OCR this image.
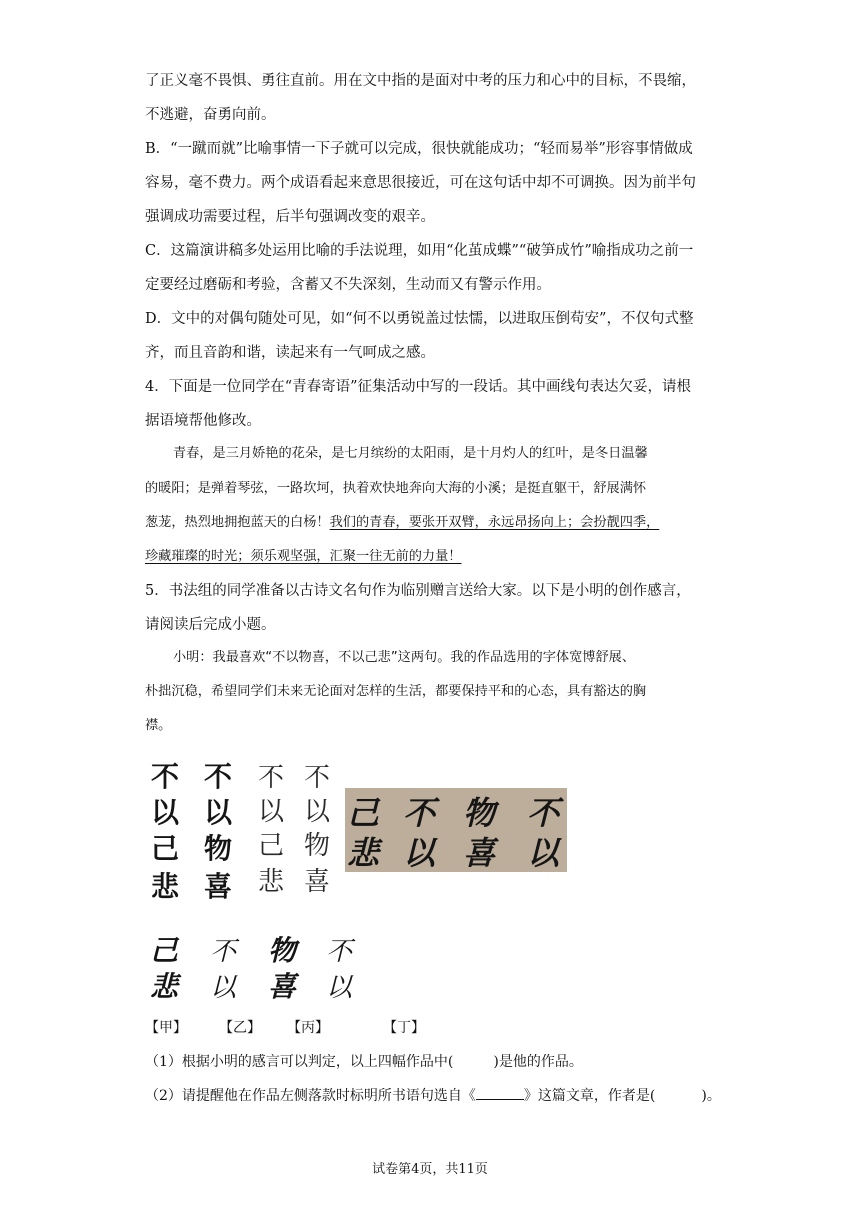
了正义毫不畏惧、勇往直前。用在文中指的是面对中考的压力和心中的目标，不畏缩，
不逃避，奋勇向前。
B．“一蹴而就”比喻事情一下子就可以完成，很快就能成功；“轻而易举”形容事情做成
容易，毫不费力。两个成语看起来意思很接近，可在这句话中却不可调换。因为前半句
强调成功需要过程，后半句强调改变的艰辛。
C．这篇演讲稿多处运用比喻的手法说理，如用“化茧成蝶”“破笋成竹”喻指成功之前一
定要经过磨砺和考验，含蓄又不失深刻，生动而又有警示作用。
D．文中的对偶句随处可见，如“何不以勇锐盖过怯懦，以进取压倒苟安”，不仅句式整
齐，而且音韵和谐，读起来有一气呵成之感。
4．下面是一位同学在“青春寄语”征集活动中写的一段话。其中画线句表达欠妥，请根
据语境帮他修改。
青春，是三月娇艳的花朵，是七月缤纷的太阳雨，是十月灼人的红叶，是冬日温馨
的暖阳；是弹着琴弦，一路坎坷，执着欢快地奔向大海的小溪；是挺直躯干，舒展满怀
葱茏，热烈地拥抱蓝天的白杨！我们的青春，要张开双臂，永远昂扬向上；会扮靓四季，
珍藏璀璨的时光；须乐观坚强，汇聚一往无前的力量！
5．书法组的同学准备以古诗文名句作为临别赠言送给大家。以下是小明的创作感言，
请阅读后完成小题。
小明：我最喜欢“不以物喜，不以己悲”这两句。我的作品选用的字体宽博舒展、
朴拙沉稳，希望同学们未来无论面对怎样的生活，都要保持平和的心态，具有豁达的胸
襟。
不
以
己
悲
不
以
物
喜
不
以
己
悲
不
以
物
喜
己
悲
不
以
物
喜
不
以
己
悲
不
以
物
喜
不
以
【甲】 【乙】 【丙】	【丁】
（1）根据小明的感言可以判定，以上四幅作品中(	)是他的作品。
（2）请提醒他在作品左侧落款时标明所书语句选自《	》这篇文章，作者是(	)。
试卷第4页，共11页
